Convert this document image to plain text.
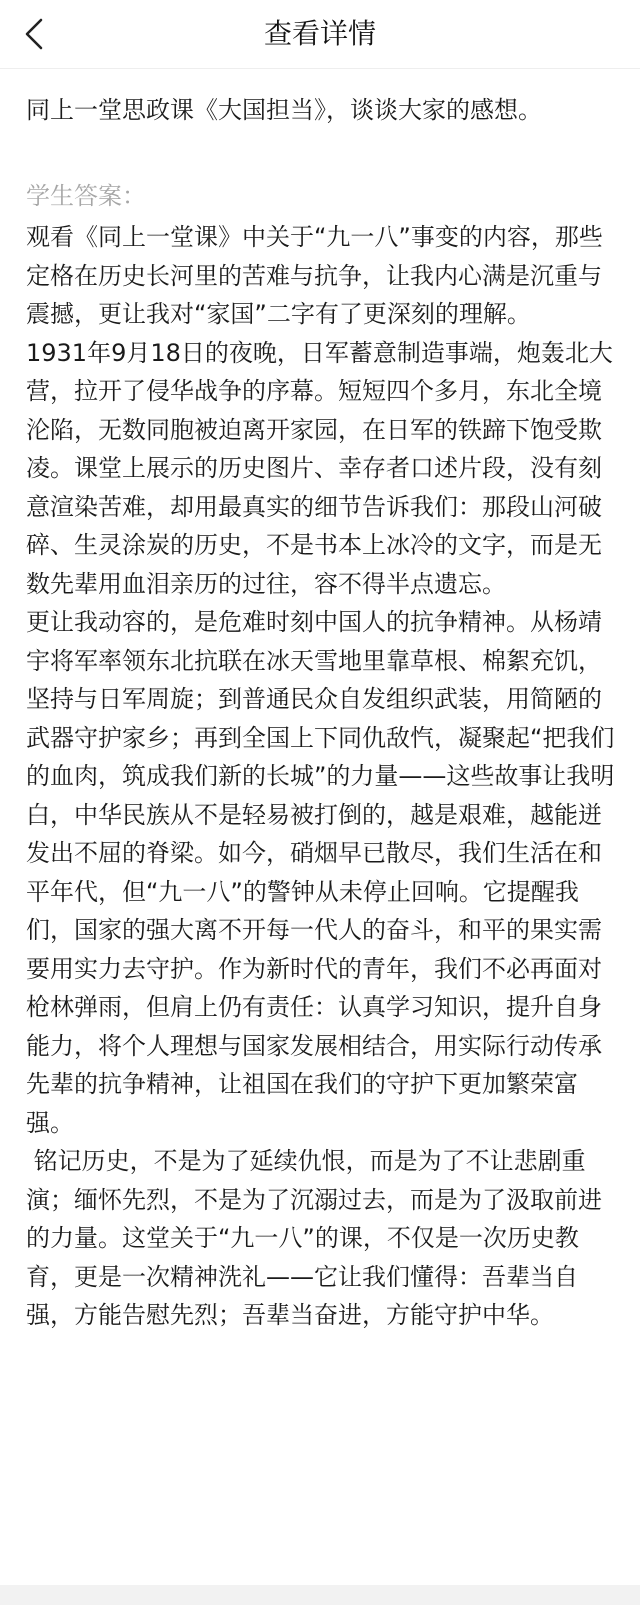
查看详情

同上一堂思政课《大国担当》，谈谈大家的感想。

学生答案：

观看《同上一堂课》中关于“九一八”事变的内容，那些定格在历史长河里的苦难与抗争，让我内心满是沉重与震撼，更让我对“家国”二字有了更深刻的理解。

1931年9月18日的夜晚，日军蓄意制造事端，炮轰北大营，拉开了侵华战争的序幕。短短四个多月，东北全境沦陷，无数同胞被迫离开家园，在日军的铁蹄下饱受欺凌。课堂上展示的历史图片、幸存者口述片段，没有刻意渲染苦难，却用最真实的细节告诉我们：那段山河破碎、生灵涂炭的历史，不是书本上冰冷的文字，而是无数先辈用血泪亲历的过往，容不得半点遗忘。

更让我动容的，是危难时刻中国人的抗争精神。从杨靖宇将军率领东北抗联在冰天雪地里靠草根、棉絮充饥，坚持与日军周旋；到普通民众自发组织武装，用简陋的武器守护家乡；再到全国上下同仇敌忾，凝聚起“把我们的血肉，筑成我们新的长城”的力量——这些故事让我明白，中华民族从不是轻易被打倒的，越是艰难，越能迸发出不屈的脊梁。如今，硝烟早已散尽，我们生活在和平年代，但“九一八”的警钟从未停止回响。它提醒我们，国家的强大离不开每一代人的奋斗，和平的果实需要用实力去守护。作为新时代的青年，我们不必再面对枪林弹雨，但肩上仍有责任：认真学习知识，提升自身能力，将个人理想与国家发展相结合，用实际行动传承先辈的抗争精神，让祖国在我们的守护下更加繁荣富强。

铭记历史，不是为了延续仇恨，而是为了不让悲剧重演；缅怀先烈，不是为了沉溺过去，而是为了汲取前进的力量。这堂关于“九一八”的课，不仅是一次历史教育，更是一次精神洗礼——它让我们懂得：吾辈当自强，方能告慰先烈；吾辈当奋进，方能守护中华。
